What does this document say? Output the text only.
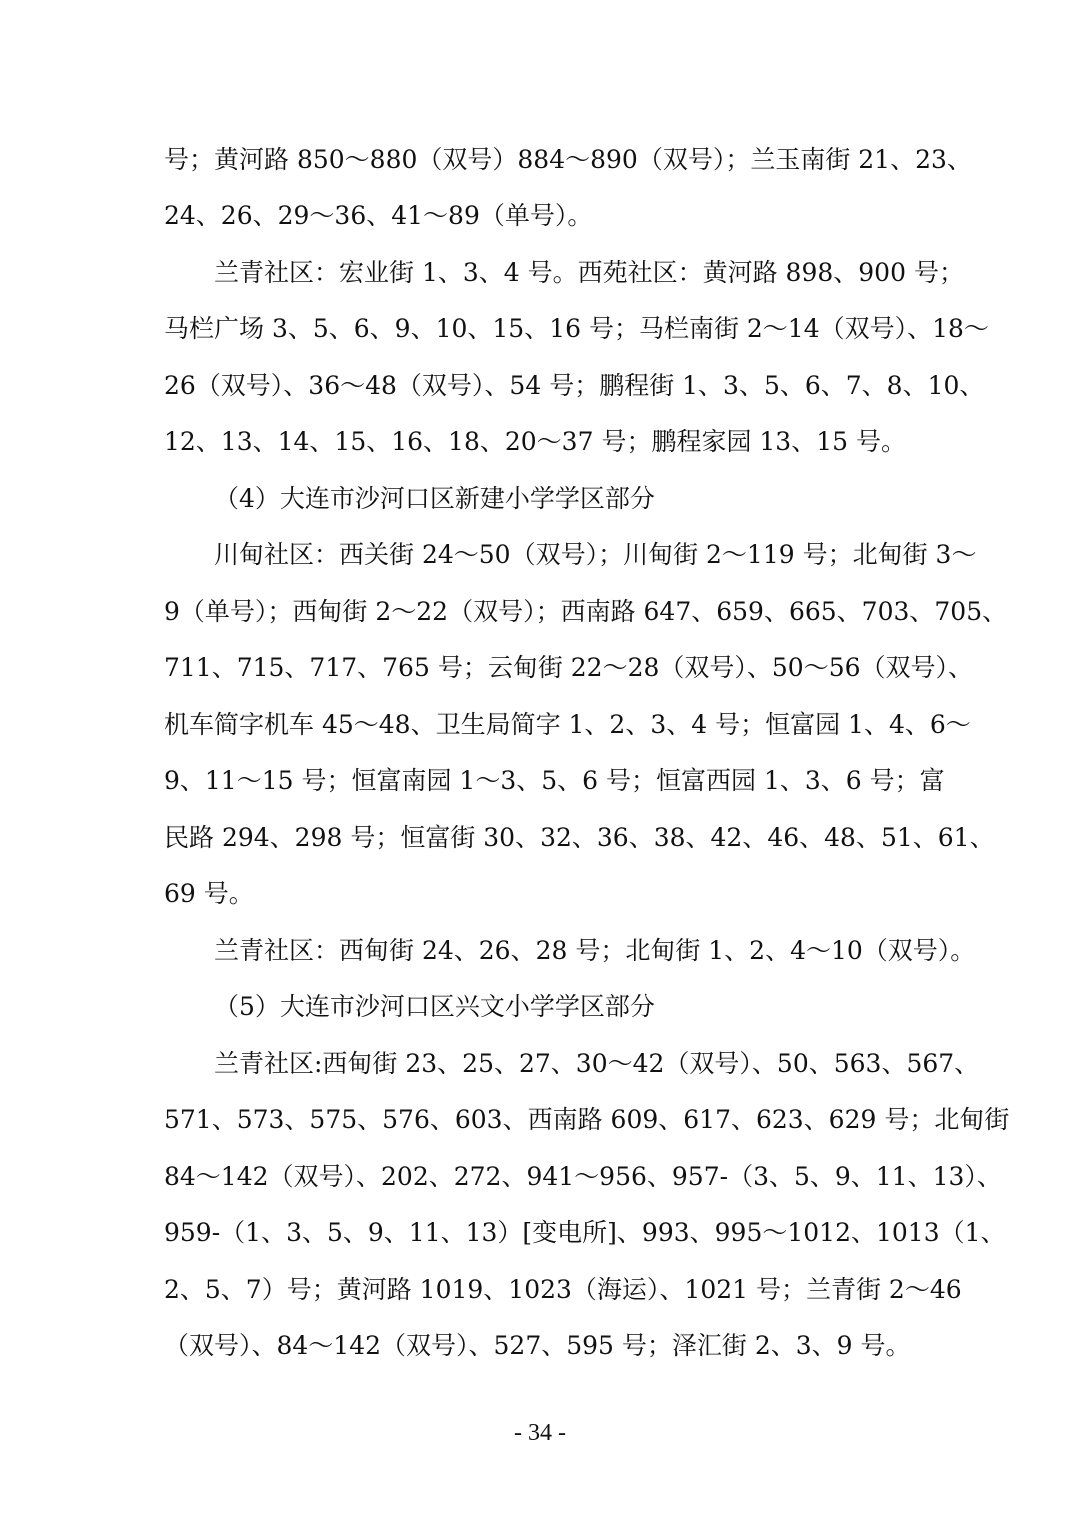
号；黄河路 850～880（双号）884～890（双号）；兰玉南街 21、23、
24、26、29～36、41～89（单号）。
兰青社区：宏业街 1、3、4 号。西苑社区：黄河路 898、900 号；
马栏广场 3、5、6、9、10、15、16 号；马栏南街 2～14（双号）、18～
26（双号）、36～48（双号）、54 号；鹏程街 1、3、5、6、7、8、10、
12、13、14、15、16、18、20～37 号；鹏程家园 13、15 号。
（4）大连市沙河口区新建小学学区部分
川甸社区：西关街 24～50（双号）；川甸街 2～119 号；北甸街 3～
9（单号）；西甸街 2～22（双号）；西南路 647、659、665、703、705、
711、715、717、765 号；云甸街 22～28（双号）、50～56（双号）、
机车简字机车 45～48、卫生局简字 1、2、3、4 号；恒富园 1、4、6～
9、11～15 号；恒富南园 1～3、5、6 号；恒富西园 1、3、6 号；富
民路 294、298 号；恒富街 30、32、36、38、42、46、48、51、61、
69 号。
兰青社区：西甸街 24、26、28 号；北甸街 1、2、4～10（双号）。
（5）大连市沙河口区兴文小学学区部分
兰青社区:西甸街 23、25、27、30～42（双号）、50、563、567、
571、573、575、576、603、西南路 609、617、623、629 号；北甸街
84～142（双号）、202、272、941～956、957-（3、5、9、11、13）、
959-（1、3、5、9、11、13）[变电所]、993、995～1012、1013（1、
2、5、7）号；黄河路 1019、1023（海运）、1021 号；兰青街 2～46
（双号）、84～142（双号）、527、595 号；泽汇街 2、3、9 号。
- 34 -
